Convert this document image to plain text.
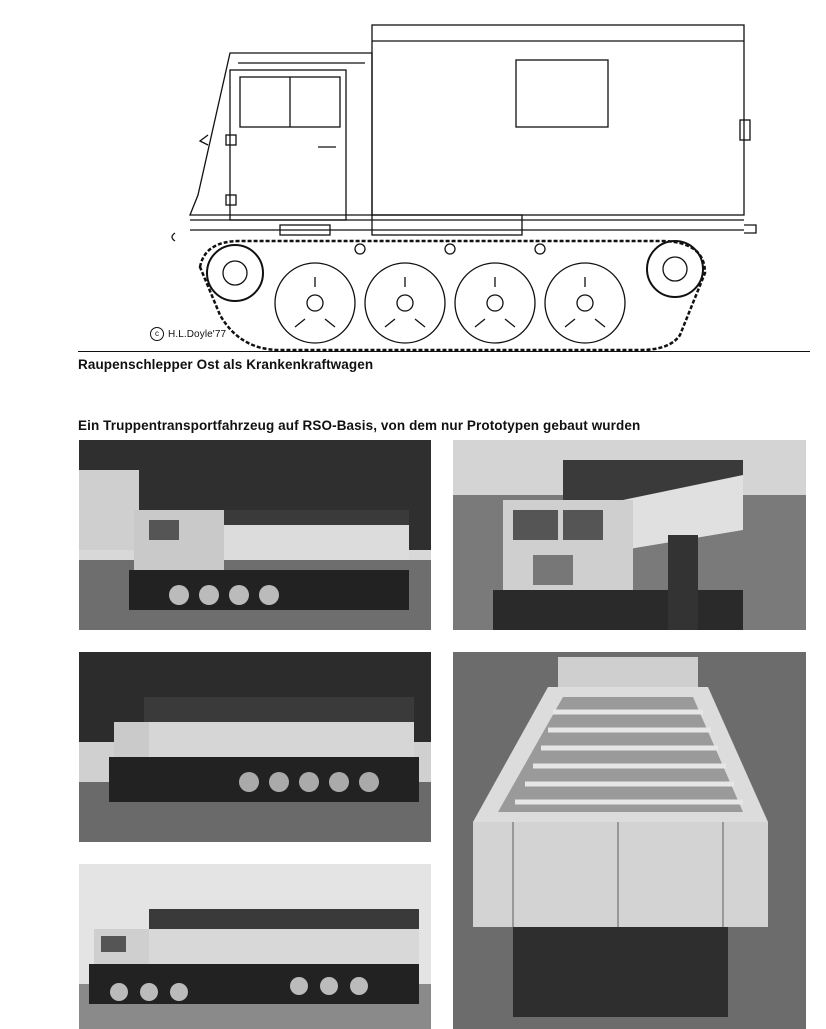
c H.L.Doyle'77
Raupenschlepper Ost als Krankenkraftwagen
Ein Truppentransportfahrzeug auf RSO-Basis, von dem nur Prototypen gebaut wurden
